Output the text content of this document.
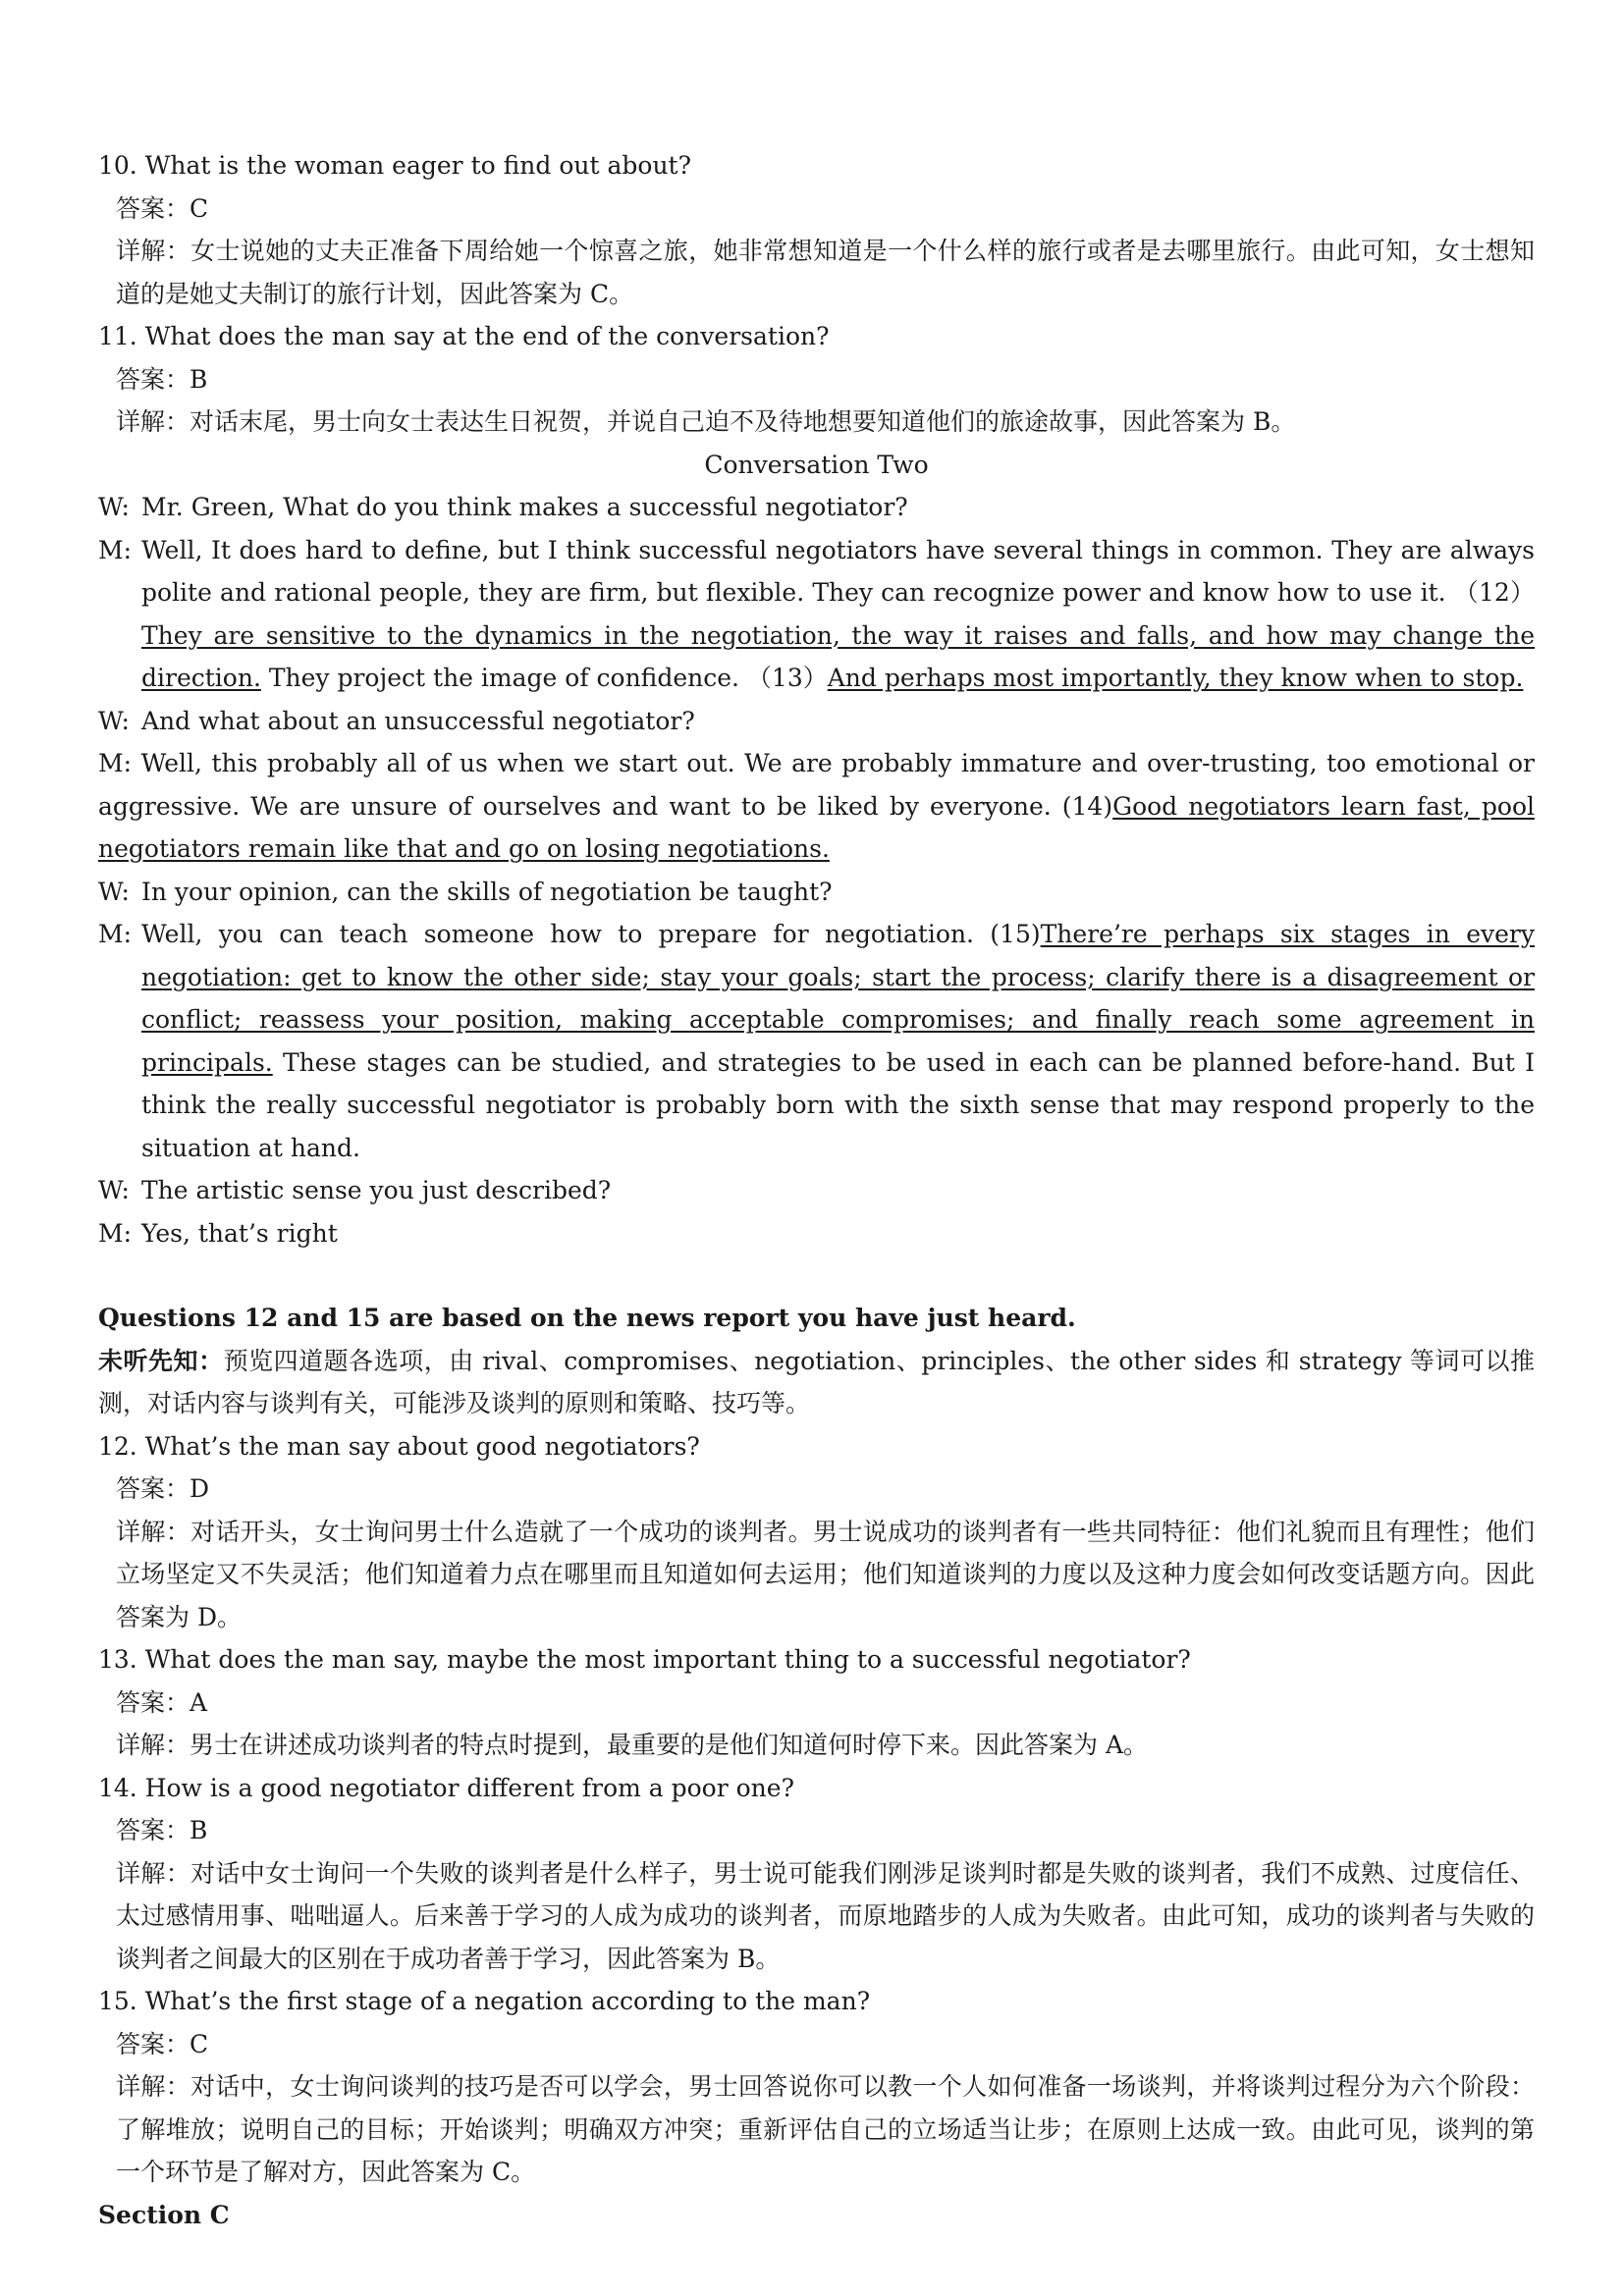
10. What is the woman eager to find out about?
答案：C
详解：女士说她的丈夫正准备下周给她一个惊喜之旅，她非常想知道是一个什么样的旅行或者是去哪里旅行。由此可知，女士想知道的是她丈夫制订的旅行计划，因此答案为 C。
11. What does the man say at the end of the conversation?
答案：B
详解：对话末尾，男士向女士表达生日祝贺，并说自己迫不及待地想要知道他们的旅途故事，因此答案为 B。
Conversation Two
W: Mr. Green, What do you think makes a successful negotiator?
M: Well, It does hard to define, but I think successful negotiators have several things in common. They are always polite and rational people, they are firm, but flexible. They can recognize power and know how to use it. （12）They are sensitive to the dynamics in the negotiation, the way it raises and falls, and how may change the direction. They project the image of confidence. （13）And perhaps most importantly, they know when to stop.
W: And what about an unsuccessful negotiator?
M: Well, this probably all of us when we start out. We are probably immature and over-trusting, too emotional or aggressive. We are unsure of ourselves and want to be liked by everyone. (14)Good negotiators learn fast, pool negotiators remain like that and go on losing negotiations.
W: In your opinion, can the skills of negotiation be taught?
M: Well, you can teach someone how to prepare for negotiation. (15)There’re perhaps six stages in every negotiation: get to know the other side; stay your goals; start the process; clarify there is a disagreement or conflict; reassess your position, making acceptable compromises; and finally reach some agreement in principals. These stages can be studied, and strategies to be used in each can be planned before-hand. But I think the really successful negotiator is probably born with the sixth sense that may respond properly to the situation at hand.
W: The artistic sense you just described?
M: Yes, that’s right
Questions 12 and 15 are based on the news report you have just heard.
未听先知：预览四道题各选项，由 rival、compromises、negotiation、principles、the other sides 和 strategy 等词可以推测，对话内容与谈判有关，可能涉及谈判的原则和策略、技巧等。
12. What’s the man say about good negotiators?
答案：D
详解：对话开头，女士询问男士什么造就了一个成功的谈判者。男士说成功的谈判者有一些共同特征：他们礼貌而且有理性；他们立场坚定又不失灵活；他们知道着力点在哪里而且知道如何去运用；他们知道谈判的力度以及这种力度会如何改变话题方向。因此答案为 D。
13. What does the man say, maybe the most important thing to a successful negotiator?
答案：A
详解：男士在讲述成功谈判者的特点时提到，最重要的是他们知道何时停下来。因此答案为 A。
14. How is a good negotiator different from a poor one?
答案：B
详解：对话中女士询问一个失败的谈判者是什么样子，男士说可能我们刚涉足谈判时都是失败的谈判者，我们不成熟、过度信任、太过感情用事、咄咄逼人。后来善于学习的人成为成功的谈判者，而原地踏步的人成为失败者。由此可知，成功的谈判者与失败的谈判者之间最大的区别在于成功者善于学习，因此答案为 B。
15. What’s the first stage of a negation according to the man?
答案：C
详解：对话中，女士询问谈判的技巧是否可以学会，男士回答说你可以教一个人如何准备一场谈判，并将谈判过程分为六个阶段：了解堆放；说明自己的目标；开始谈判；明确双方冲突；重新评估自己的立场适当让步；在原则上达成一致。由此可见，谈判的第一个环节是了解对方，因此答案为 C。
Section C
